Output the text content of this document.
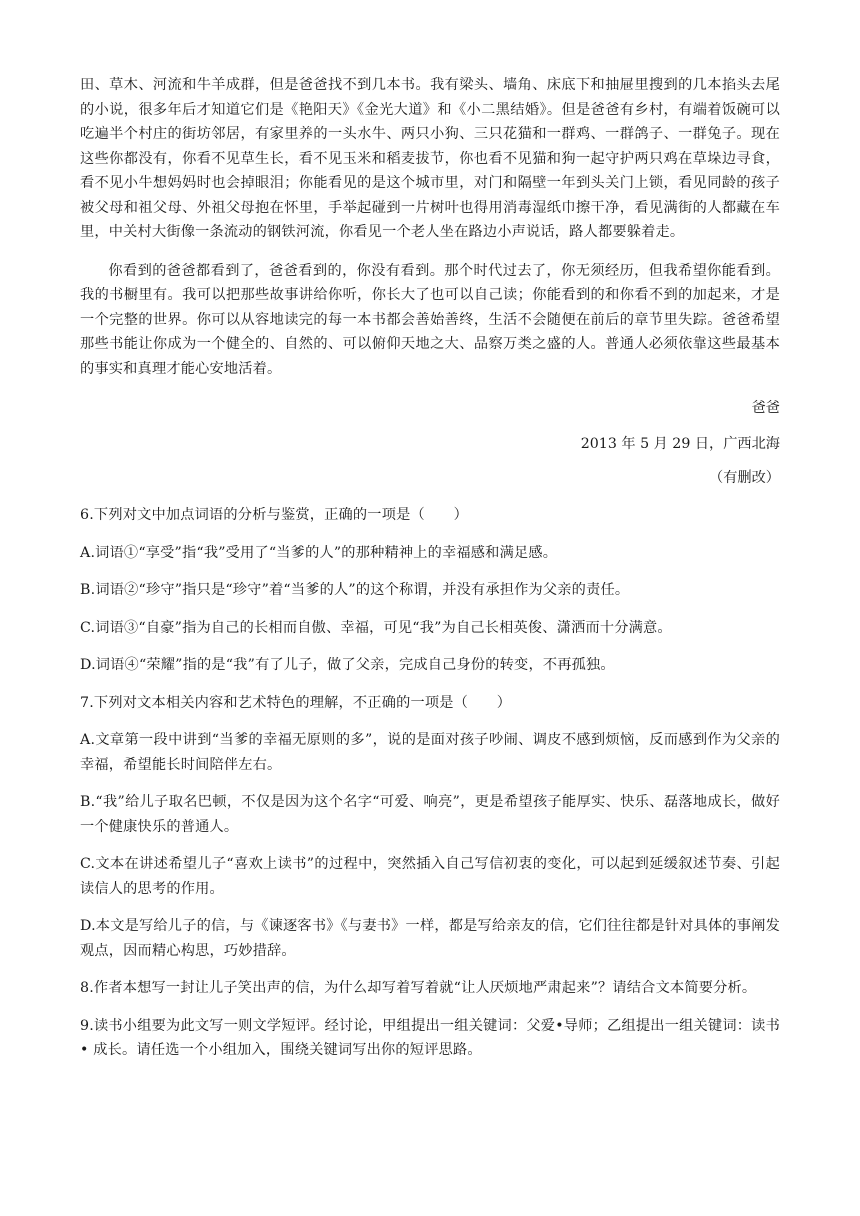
田、草木、河流和牛羊成群，但是爸爸找不到几本书。我有梁头、墙角、床底下和抽屉里搜到的几本掐头去尾的小说，很多年后才知道它们是《艳阳天》《金光大道》和《小二黑结婚》。但是爸爸有乡村，有端着饭碗可以吃遍半个村庄的街坊邻居，有家里养的一头水牛、两只小狗、三只花猫和一群鸡、一群鸽子、一群兔子。现在这些你都没有，你看不见草生长，看不见玉米和稻麦拔节，你也看不见猫和狗一起守护两只鸡在草垛边寻食，看不见小牛想妈妈时也会掉眼泪；你能看见的是这个城市里，对门和隔壁一年到头关门上锁，看见同龄的孩子被父母和祖父母、外祖父母抱在怀里，手举起碰到一片树叶也得用消毒湿纸巾擦干净，看见满街的人都藏在车里，中关村大街像一条流动的钢铁河流，你看见一个老人坐在路边小声说话，路人都要躲着走。

你看到的爸爸都看到了，爸爸看到的，你没有看到。那个时代过去了，你无须经历，但我希望你能看到。我的书橱里有。我可以把那些故事讲给你听，你长大了也可以自己读；你能看到的和你看不到的加起来，才是一个完整的世界。你可以从容地读完的每一本书都会善始善终，生活不会随便在前后的章节里失踪。爸爸希望那些书能让你成为一个健全的、自然的、可以俯仰天地之大、品察万类之盛的人。普通人必须依靠这些最基本的事实和真理才能心安地活着。

爸爸

2013 年 5 月 29 日，广西北海

（有删改）

6.下列对文中加点词语的分析与鉴赏，正确的一项是（　　）

A.词语①“享受”指“我”受用了“当爹的人”的那种精神上的幸福感和满足感。

B.词语②“珍守”指只是“珍守”着“当爹的人”的这个称谓，并没有承担作为父亲的责任。

C.词语③“自豪”指为自己的长相而自傲、幸福，可见“我”为自己长相英俊、潇洒而十分满意。

D.词语④“荣耀”指的是“我”有了儿子，做了父亲，完成自己身份的转变，不再孤独。

7.下列对文本相关内容和艺术特色的理解，不正确的一项是（　　）

A.文章第一段中讲到“当爹的幸福无原则的多”，说的是面对孩子吵闹、调皮不感到烦恼，反而感到作为父亲的幸福，希望能长时间陪伴左右。

B.“我”给儿子取名巴顿，不仅是因为这个名字“可爱、响亮”，更是希望孩子能厚实、快乐、磊落地成长，做好一个健康快乐的普通人。

C.文本在讲述希望儿子“喜欢上读书”的过程中，突然插入自己写信初衷的变化，可以起到延缓叙述节奏、引起读信人的思考的作用。

D.本文是写给儿子的信，与《谏逐客书》《与妻书》一样，都是写给亲友的信，它们往往都是针对具体的事阐发观点，因而精心构思，巧妙措辞。

8.作者本想写一封让儿子笑出声的信，为什么却写着写着就“让人厌烦地严肃起来”？请结合文本简要分析。

9.读书小组要为此文写一则文学短评。经讨论，甲组提出一组关键词：父爱•导师；乙组提出一组关键词：读书 • 成长。请任选一个小组加入，围绕关键词写出你的短评思路。
